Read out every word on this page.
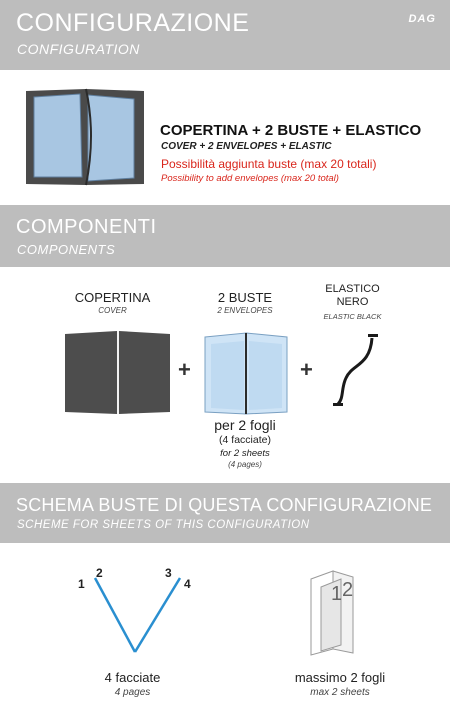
CONFIGURAZIONE
CONFIGURATION
DAG
COPERTINA + 2 BUSTE + ELASTICO
COVER + 2 ENVELOPES + ELASTIC
Possibilità aggiunta buste (max 20 totali)
Possibility to add envelopes (max 20 total)
COMPONENTI
COMPONENTS
COPERTINA
COVER
2 BUSTE
2 ENVELOPES
ELASTICO
NERO
ELASTIC BLACK
+	+
per 2 fogli
(4 facciate)
for 2 sheets
(4 pages)
SCHEMA BUSTE DI QUESTA CONFIGURAZIONE
SCHEME FOR SHEETS OF THIS CONFIGURATION
1
2	3
4	1 2
4 facciate
4 pages
massimo 2 fogli
max 2 sheets
